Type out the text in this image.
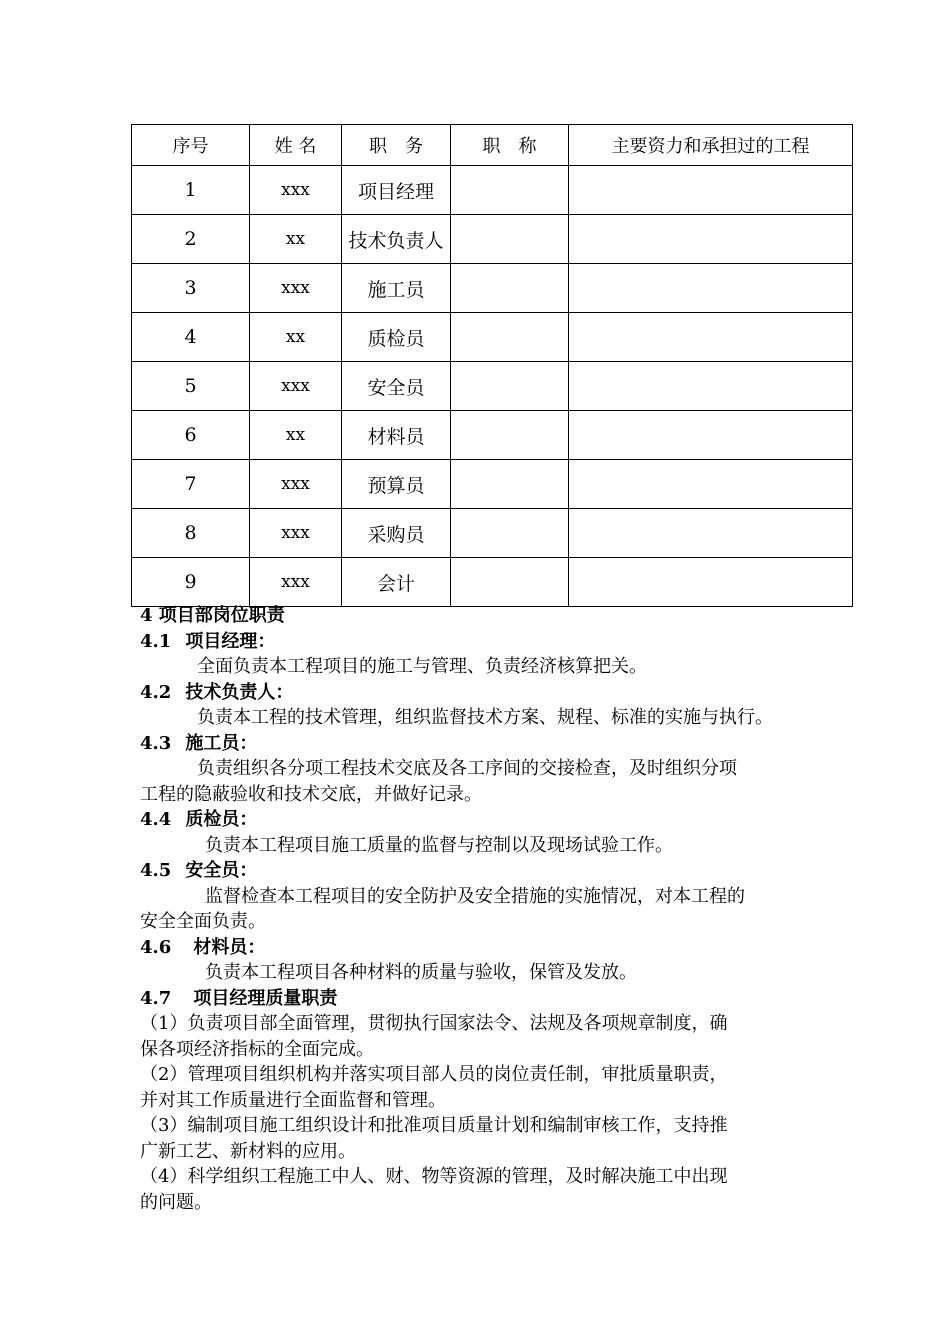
序号	姓 名	职　务	职　称	主要资力和承担过的工程
1	xxx	项目经理		
2	xx	技术负责人		
3	xxx	施工员		
4	xx	质检员		
5	xxx	安全员		
6	xx	材料员		
7	xxx	预算员		
8	xxx	采购员		
9	xxx	会计		

4 项目部岗位职责

4.1 项目经理：

全面负责本工程项目的施工与管理、负责经济核算把关。

4.2 技术负责人：

负责本工程的技术管理，组织监督技术方案、规程、标准的实施与执行。

4.3 施工员：

负责组织各分项工程技术交底及各工序间的交接检查，及时组织分项

工程的隐蔽验收和技术交底，并做好记录。

4.4 质检员：

负责本工程项目施工质量的监督与控制以及现场试验工作。

4.5 安全员：

监督检查本工程项目的安全防护及安全措施的实施情况，对本工程的

安全全面负责。

4.6 材料员：

负责本工程项目各种材料的质量与验收，保管及发放。

4.7 项目经理质量职责

（1）负责项目部全面管理，贯彻执行国家法令、法规及各项规章制度，确

保各项经济指标的全面完成。

（2）管理项目组织机构并落实项目部人员的岗位责任制，审批质量职责，

并对其工作质量进行全面监督和管理。

（3）编制项目施工组织设计和批准项目质量计划和编制审核工作，支持推

广新工艺、新材料的应用。

（4）科学组织工程施工中人、财、物等资源的管理，及时解决施工中出现

的问题。
